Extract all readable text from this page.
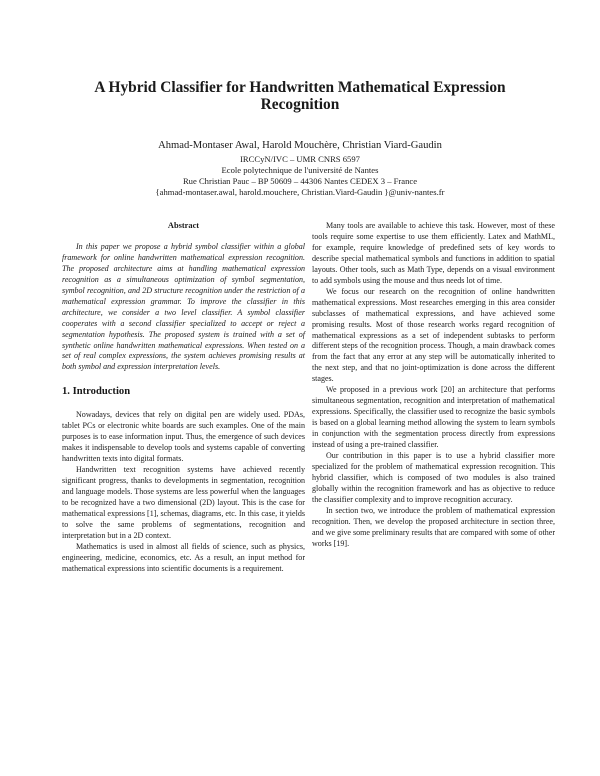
A Hybrid Classifier for Handwritten Mathematical Expression Recognition
Ahmad-Montaser Awal, Harold Mouchère, Christian Viard-Gaudin
IRCCyN/IVC – UMR CNRS 6597
Ecole polytechnique de l'université de Nantes
Rue Christian Pauc – BP 50609 – 44306 Nantes CEDEX 3 – France
{ahmad-montaser.awal, harold.mouchere, Christian.Viard-Gaudin }@univ-nantes.fr
Abstract

In this paper we propose a hybrid symbol classifier within a global framework for online handwritten mathematical expression recognition. The proposed architecture aims at handling mathematical expression recognition as a simultaneous optimization of symbol segmentation, symbol recognition, and 2D structure recognition under the restriction of a mathematical expression grammar. To improve the classifier in this architecture, we consider a two level classifier. A symbol classifier cooperates with a second classifier specialized to accept or reject a segmentation hypothesis. The proposed system is trained with a set of synthetic online handwritten mathematical expressions. When tested on a set of real complex expressions, the system achieves promising results at both symbol and expression interpretation levels.

1. Introduction

Nowadays, devices that rely on digital pen are widely used. PDAs, tablet PCs or electronic white boards are such examples. One of the main purposes is to ease information input. Thus, the emergence of such devices makes it indispensable to develop tools and systems capable of converting handwritten texts into digital formats.

Handwritten text recognition systems have achieved recently significant progress, thanks to developments in segmentation, recognition and language models. Those systems are less powerful when the languages to be recognized have a two dimensional (2D) layout. This is the case for mathematical expressions [1], schemas, diagrams, etc. In this case, it yields to solve the same problems of segmentations, recognition and interpretation but in a 2D context.

Mathematics is used in almost all fields of science, such as physics, engineering, medicine, economics, etc. As a result, an input method for mathematical expressions into scientific documents is a requirement.

Many tools are available to achieve this task. However, most of these tools require some expertise to use them efficiently. Latex and MathML, for example, require knowledge of predefined sets of key words to describe special mathematical symbols and functions in addition to spatial layouts. Other tools, such as Math Type, depends on a visual environment to add symbols using the mouse and thus needs lot of time.

We focus our research on the recognition of online handwritten mathematical expressions. Most researches emerging in this area consider subclasses of mathematical expressions, and have achieved some promising results. Most of those research works regard recognition of mathematical expressions as a set of independent subtasks to perform different steps of the recognition process. Though, a main drawback comes from the fact that any error at any step will be automatically inherited to the next step, and that no joint-optimization is done across the different stages.

We proposed in a previous work [20] an architecture that performs simultaneous segmentation, recognition and interpretation of mathematical expressions. Specifically, the classifier used to recognize the basic symbols is based on a global learning method allowing the system to learn symbols in conjunction with the segmentation process directly from expressions instead of using a pre-trained classifier.

Our contribution in this paper is to use a hybrid classifier more specialized for the problem of mathematical expression recognition. This hybrid classifier, which is composed of two modules is also trained globally within the recognition framework and has as objective to reduce the classifier complexity and to improve recognition accuracy.

In section two, we introduce the problem of mathematical expression recognition. Then, we develop the proposed architecture in section three, and we give some preliminary results that are compared with some of other works [19].
